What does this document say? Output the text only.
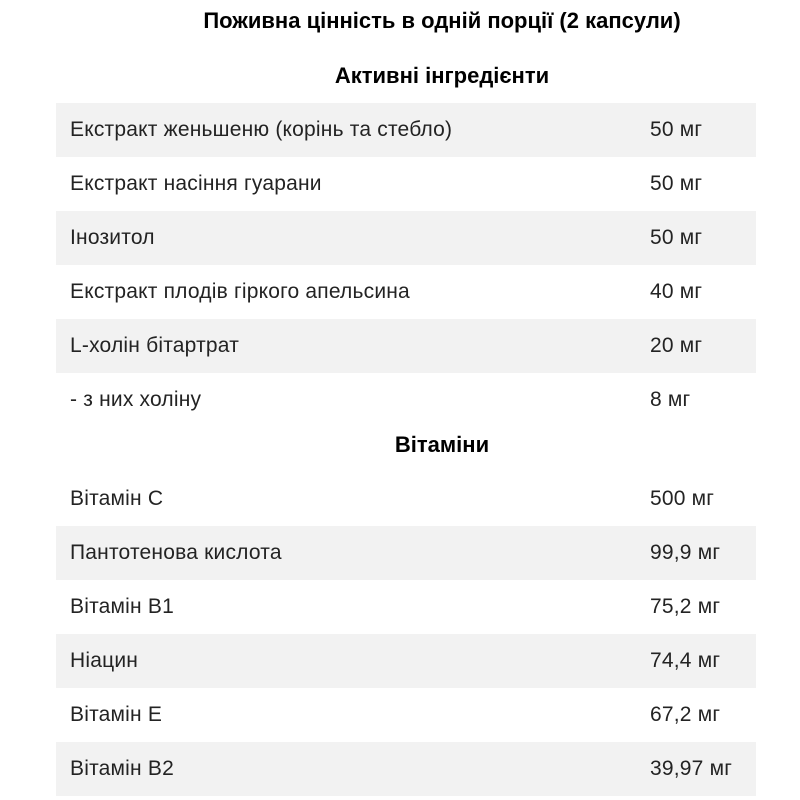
Поживна цінність в одній порції (2 капсули)
Активні інгредієнти
Екстракт женьшеню (корінь та стебло)	50 мг
Екстракт насіння гуарани	50 мг
Інозитол	50 мг
Екстракт плодів гіркого апельсина	40 мг
L-холін бітартрат	20 мг
- з них холіну	8 мг
Вітаміни
Вітамін C	500 мг
Пантотенова кислота	99,9 мг
Вітамін B1	75,2 мг
Ніацин	74,4 мг
Вітамін E	67,2 мг
Вітамін B2	39,97 мг
